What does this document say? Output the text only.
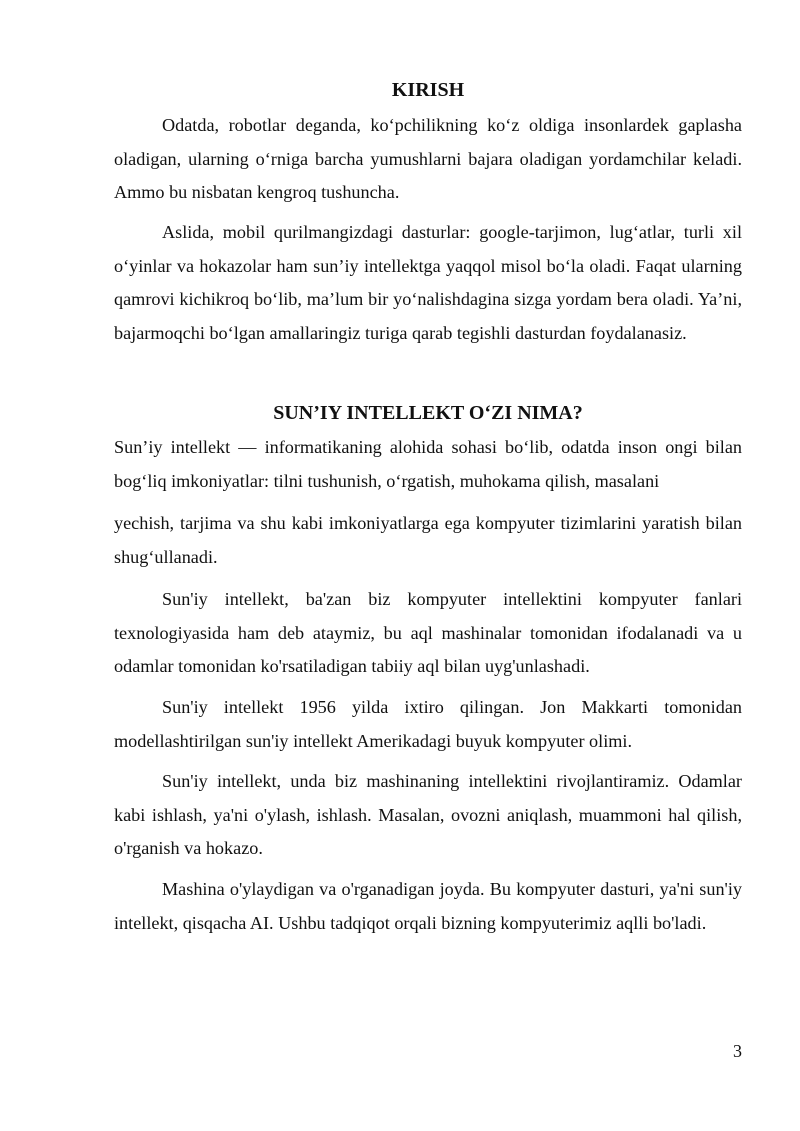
KIRISH

Odatda, robotlar deganda, ko‘pchilikning ko‘z oldiga insonlardek gaplasha oladigan, ularning o‘rniga barcha yumushlarni bajara oladigan yordamchilar keladi. Ammo bu nisbatan kengroq tushuncha.

Aslida, mobil qurilmangizdagi dasturlar: google-tarjimon, lug‘atlar, turli xil o‘yinlar va hokazolar ham sun’iy intellektga yaqqol misol bo‘la oladi. Faqat ularning qamrovi kichikroq bo‘lib, ma’lum bir yo‘nalishdagina sizga yordam bera oladi. Ya’ni, bajarmoqchi bo‘lgan amallaringiz turiga qarab tegishli dasturdan foydalanasiz.

SUN’IY INTELLEKT O‘ZI NIMA?

Sun’iy intellekt — informatikaning alohida sohasi bo‘lib, odatda inson ongi bilan bog‘liq imkoniyatlar: tilni tushunish, o‘rgatish, muhokama qilish, masalani

yechish, tarjima va shu kabi imkoniyatlarga ega kompyuter tizimlarini yaratish bilan shug‘ullanadi.

Sun'iy intellekt, ba'zan biz kompyuter intellektini kompyuter fanlari texnologiyasida ham deb ataymiz, bu aql mashinalar tomonidan ifodalanadi va u odamlar tomonidan ko'rsatiladigan tabiiy aql bilan uyg'unlashadi.

Sun'iy intellekt 1956 yilda ixtiro qilingan. Jon Makkarti tomonidan modellashtirilgan sun'iy intellekt Amerikadagi buyuk kompyuter olimi.

Sun'iy intellekt, unda biz mashinaning intellektini rivojlantiramiz. Odamlar kabi ishlash, ya'ni o'ylash, ishlash. Masalan, ovozni aniqlash, muammoni hal qilish, o'rganish va hokazo.

Mashina o'ylaydigan va o'rganadigan joyda. Bu kompyuter dasturi, ya'ni sun'iy intellekt, qisqacha AI. Ushbu tadqiqot orqali bizning kompyuterimiz aqlli bo'ladi.

3
